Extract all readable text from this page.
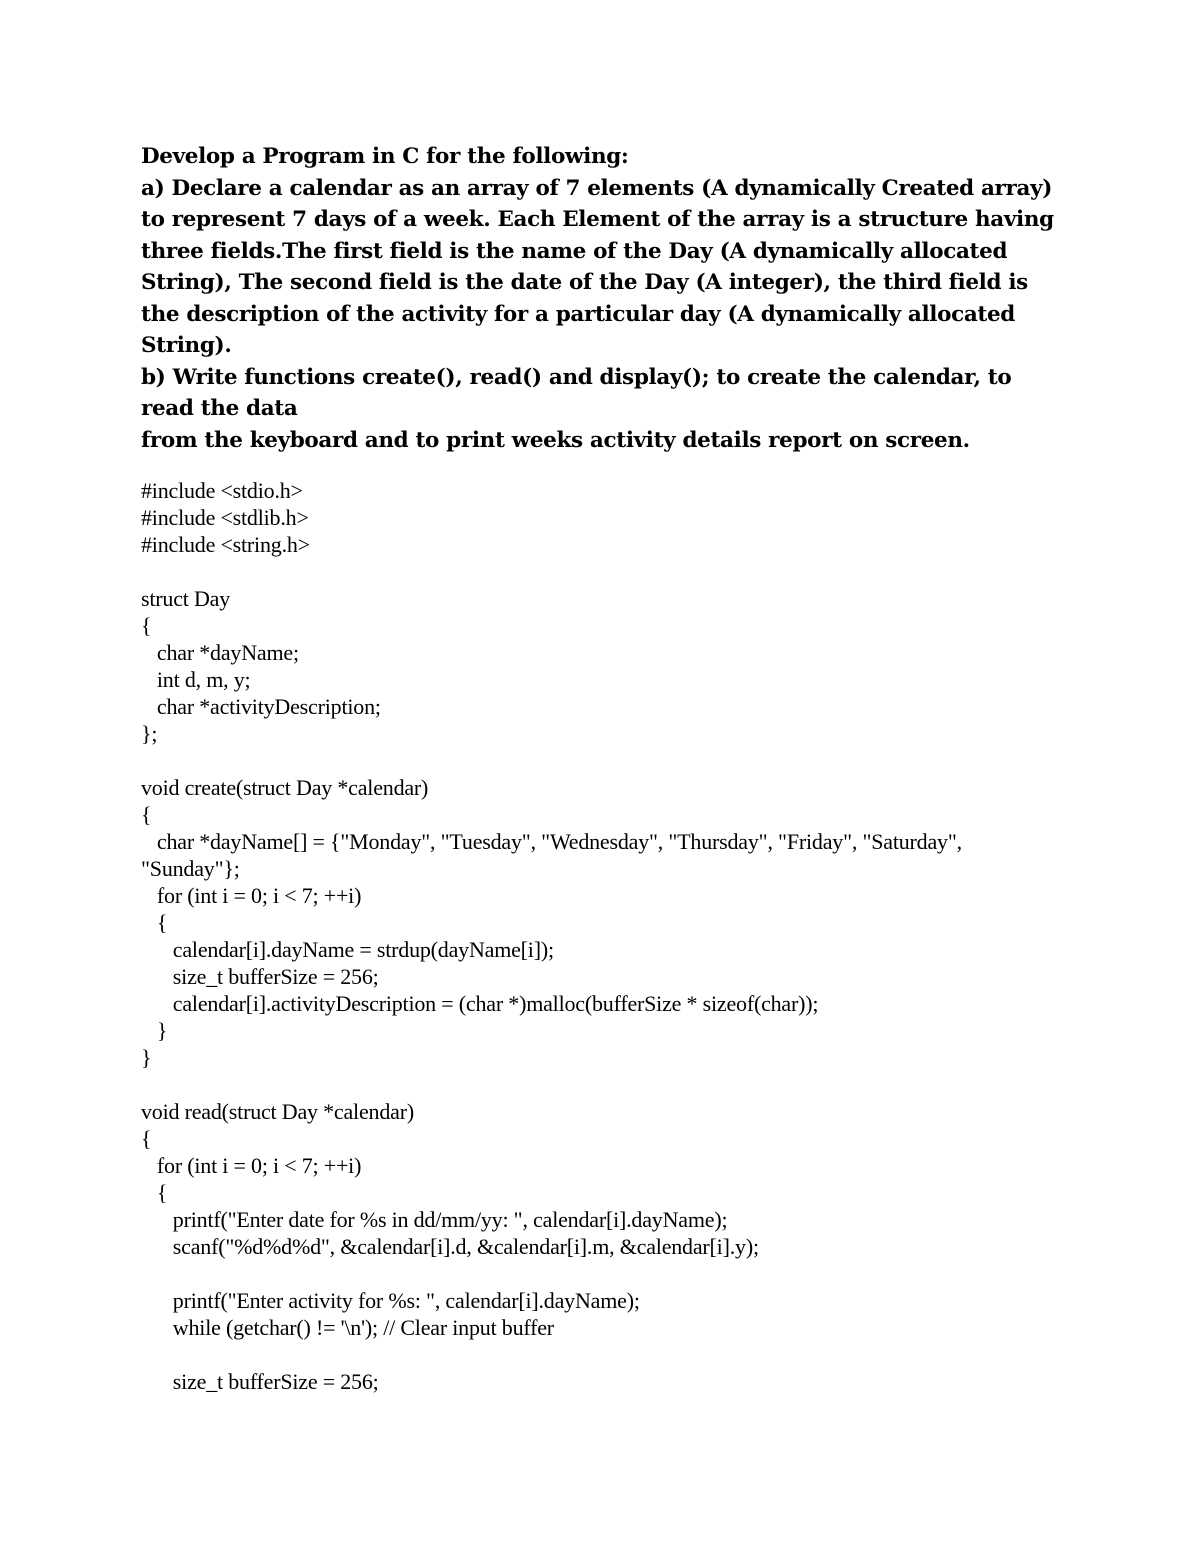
Develop a Program in C for the following:
a) Declare a calendar as an array of 7 elements (A dynamically Created array)
to represent 7 days of a week. Each Element of the array is a structure having
three fields.The first field is the name of the Day (A dynamically allocated
String), The second field is the date of the Day (A integer), the third field is
the description of the activity for a particular day (A dynamically allocated
String).
b) Write functions create(), read() and display(); to create the calendar, to
read the data
from the keyboard and to print weeks activity details report on screen.
#include <stdio.h>
#include <stdlib.h>
#include <string.h>
struct Day
{
char *dayName;
int d, m, y;
char *activityDescription;
};
void create(struct Day *calendar)
{
char *dayName[] = {"Monday", "Tuesday", "Wednesday", "Thursday", "Friday", "Saturday",
"Sunday"};
for (int i = 0; i < 7; ++i)
{
calendar[i].dayName = strdup(dayName[i]);
size_t bufferSize = 256;
calendar[i].activityDescription = (char *)malloc(bufferSize * sizeof(char));
}
}
void read(struct Day *calendar)
{
for (int i = 0; i < 7; ++i)
{
printf("Enter date for %s in dd/mm/yy: ", calendar[i].dayName);
scanf("%d%d%d", &calendar[i].d, &calendar[i].m, &calendar[i].y);
printf("Enter activity for %s: ", calendar[i].dayName);
while (getchar() != '\n'); // Clear input buffer
size_t bufferSize = 256;
